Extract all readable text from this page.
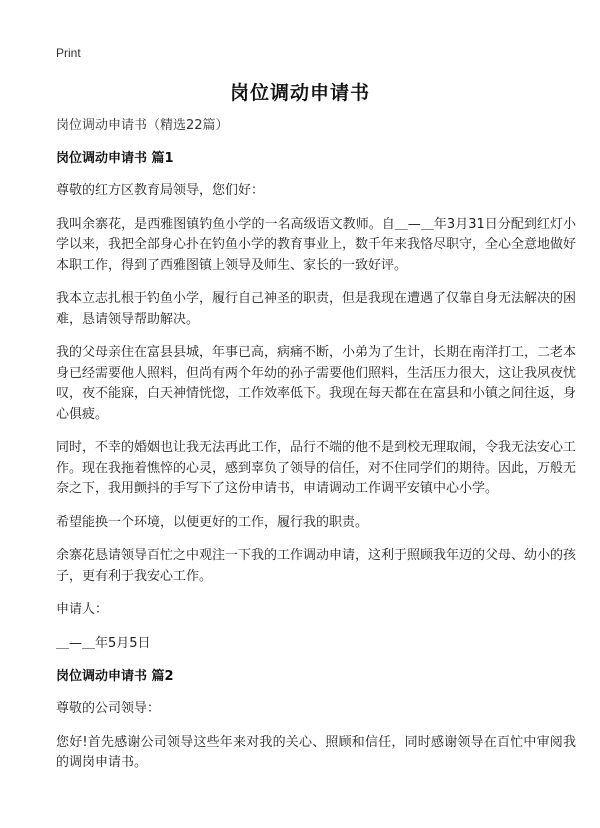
Print
岗位调动申请书
岗位调动申请书（精选22篇）
岗位调动申请书 篇1

尊敬的红方区教育局领导，您们好：

我叫余寨花，是西雅图镇钓鱼小学的一名高级语文教师。自＿—＿年3月31日分配到红灯小学以来，我把全部身心扑在钓鱼小学的教育事业上，数千年来我恪尽职守，全心全意地做好本职工作，得到了西雅图镇上领导及师生、家长的一致好评。

我本立志扎根于钓鱼小学，履行自己神圣的职责，但是我现在遭遇了仅靠自身无法解决的困难，恳请领导帮助解决。

我的父母亲住在富县县城，年事已高，病痛不断，小弟为了生计，长期在南洋打工，二老本身已经需要他人照料，但尚有两个年幼的孙子需要他们照料，生活压力很大，这让我夙夜忧叹，夜不能寐，白天神情恍惚，工作效率低下。我现在每天都在在富县和小镇之间往返，身心俱疲。

同时，不幸的婚姻也让我无法再此工作，品行不端的他不是到校无理取闹，令我无法安心工作。现在我拖着憔悴的心灵，感到辜负了领导的信任，对不住同学们的期待。因此，万般无奈之下，我用颤抖的手写下了这份申请书，申请调动工作调平安镇中心小学。

希望能换一个环境，以便更好的工作，履行我的职责。

余寨花恳请领导百忙之中观注一下我的工作调动申请，这利于照顾我年迈的父母、幼小的孩子，更有利于我安心工作。

申请人：

＿—＿年5月5日

岗位调动申请书 篇2

尊敬的公司领导：

您好!首先感谢公司领导这些年来对我的关心、照顾和信任，同时感谢领导在百忙中审阅我的调岗申请书。
